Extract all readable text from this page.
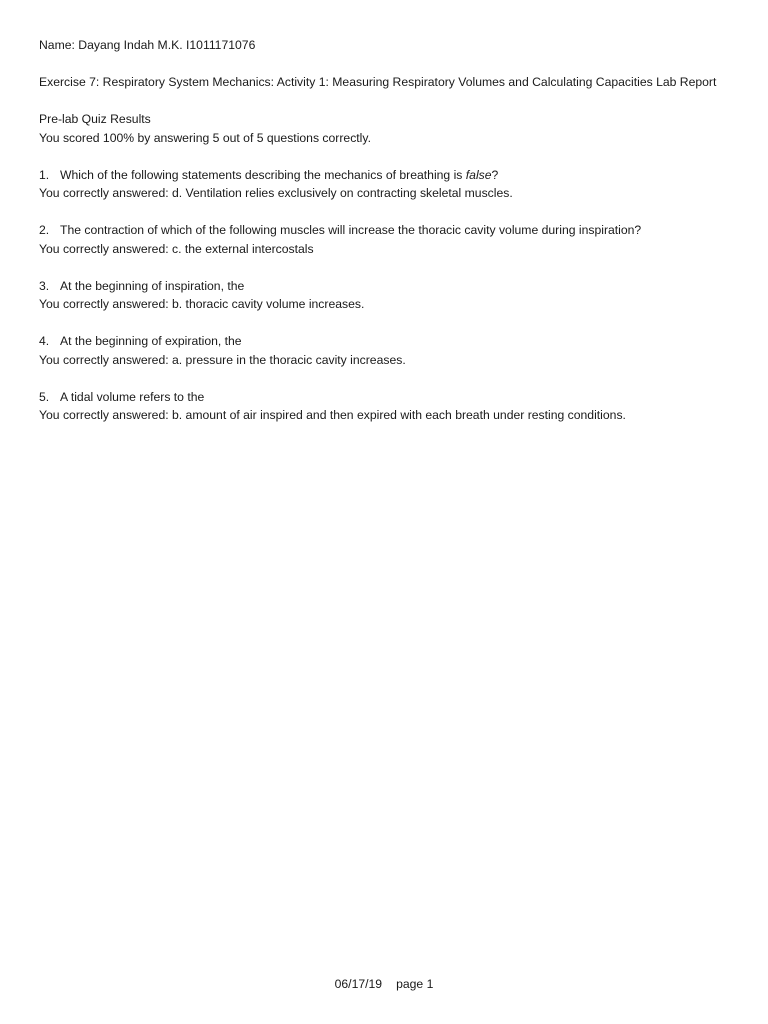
Name: Dayang Indah M.K. I1011171076

Exercise 7: Respiratory System Mechanics: Activity 1: Measuring Respiratory Volumes and Calculating Capacities Lab Report

Pre-lab Quiz Results

You scored 100% by answering 5 out of 5 questions correctly.

1. Which of the following statements describing the mechanics of breathing is false?

You correctly answered: d. Ventilation relies exclusively on contracting skeletal muscles.

2. The contraction of which of the following muscles will increase the thoracic cavity volume during inspiration?

You correctly answered: c. the external intercostals

3. At the beginning of inspiration, the

You correctly answered: b. thoracic cavity volume increases.

4. At the beginning of expiration, the

You correctly answered: a. pressure in the thoracic cavity increases.

5. A tidal volume refers to the

You correctly answered: b. amount of air inspired and then expired with each breath under resting conditions.

06/17/19 page 1
